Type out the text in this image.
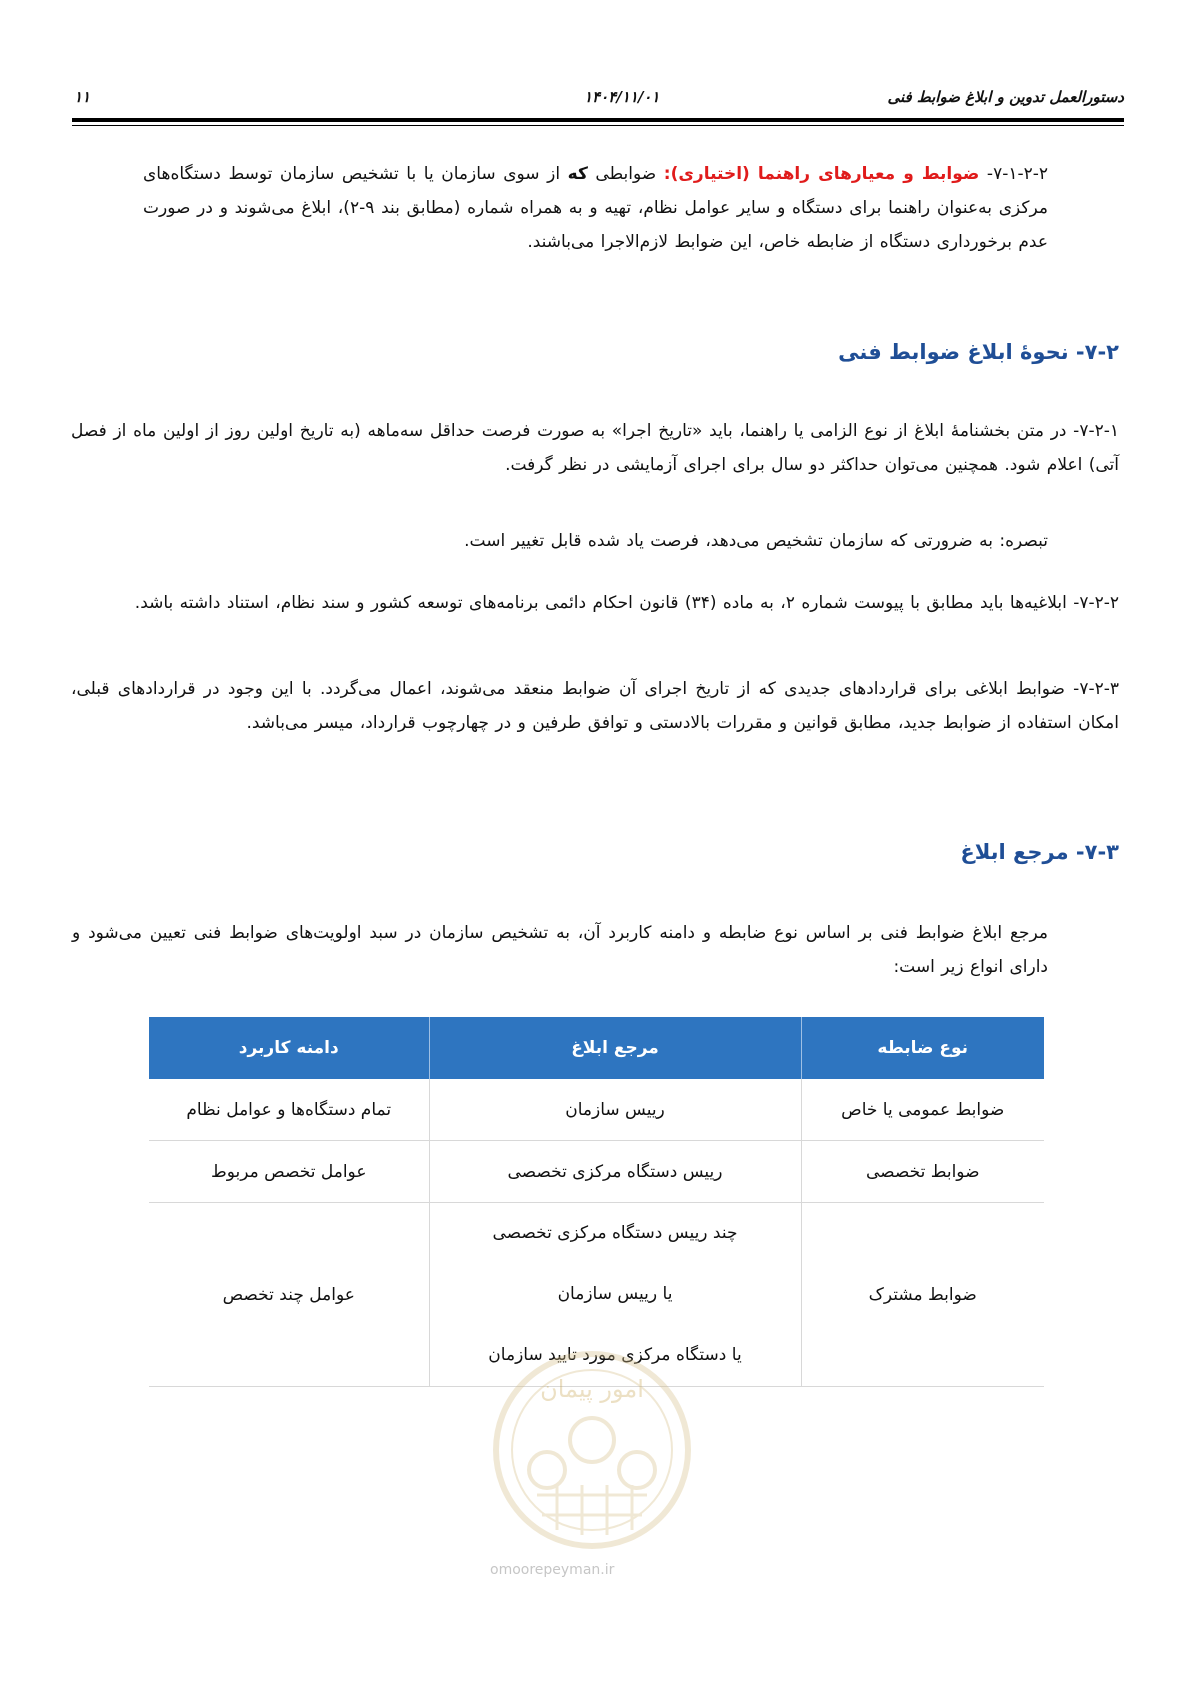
دستورالعمل تدوین و ابلاغ ضوابط فنی
۱۴۰۴/۱۱/۰۱
۱۱
۷-۱-۲-۲- ضوابط و معیارهای راهنما (اختیاری): ضوابطی که از سوی سازمان یا با تشخیص سازمان توسط دستگاه‌های مرکزی به‌عنوان راهنما برای دستگاه و سایر عوامل نظام، تهیه و به همراه شماره (مطابق بند ۹-۲)، ابلاغ می‌شوند و در صورت عدم برخورداری دستگاه از ضابطه خاص، این ضوابط لازم‌الاجرا می‌باشند.
۷-۲- نحوهٔ ابلاغ ضوابط فنی
۷-۲-۱- در متن بخشنامهٔ ابلاغ از نوع الزامی یا راهنما، باید «تاریخ اجرا» به صورت فرصت حداقل سه‌ماهه (به تاریخ اولین روز از اولین ماه از فصل آتی) اعلام شود. همچنین می‌توان حداکثر دو سال برای اجرای آزمایشی در نظر گرفت.
تبصره: به ضرورتی که سازمان تشخیص می‌دهد، فرصت یاد شده قابل تغییر است.
۷-۲-۲- ابلاغیه‌ها باید مطابق با پیوست شماره ۲، به ماده (۳۴) قانون احکام دائمی برنامه‌های توسعه کشور و سند نظام، استناد داشته باشد.
۷-۲-۳- ضوابط ابلاغی برای قراردادهای جدیدی که از تاریخ اجرای آن ضوابط منعقد می‌شوند، اعمال می‌گردد. با این وجود در قراردادهای قبلی، امکان استفاده از ضوابط جدید، مطابق قوانین و مقررات بالادستی و توافق طرفین و در چهارچوب قرارداد، میسر می‌باشد.
۷-۳- مرجع ابلاغ
مرجع ابلاغ ضوابط فنی بر اساس نوع ضابطه و دامنه کاربرد آن، به تشخیص سازمان در سبد اولویت‌های ضوابط فنی تعیین می‌شود و دارای انواع زیر است:
نوع ضابطه	مرجع ابلاغ	دامنه کاربرد
ضوابط عمومی یا خاص	رییس سازمان	تمام دستگاه‌ها و عوامل نظام
ضوابط تخصصی	رییس دستگاه مرکزی تخصصی	عوامل تخصص مربوط
ضوابط مشترک	چند رییس دستگاه مرکزی تخصصی
یا رییس سازمان
یا دستگاه مرکزی مورد تایید سازمان	عوامل چند تخصص
امور پیمان
omoorepeyman.ir
